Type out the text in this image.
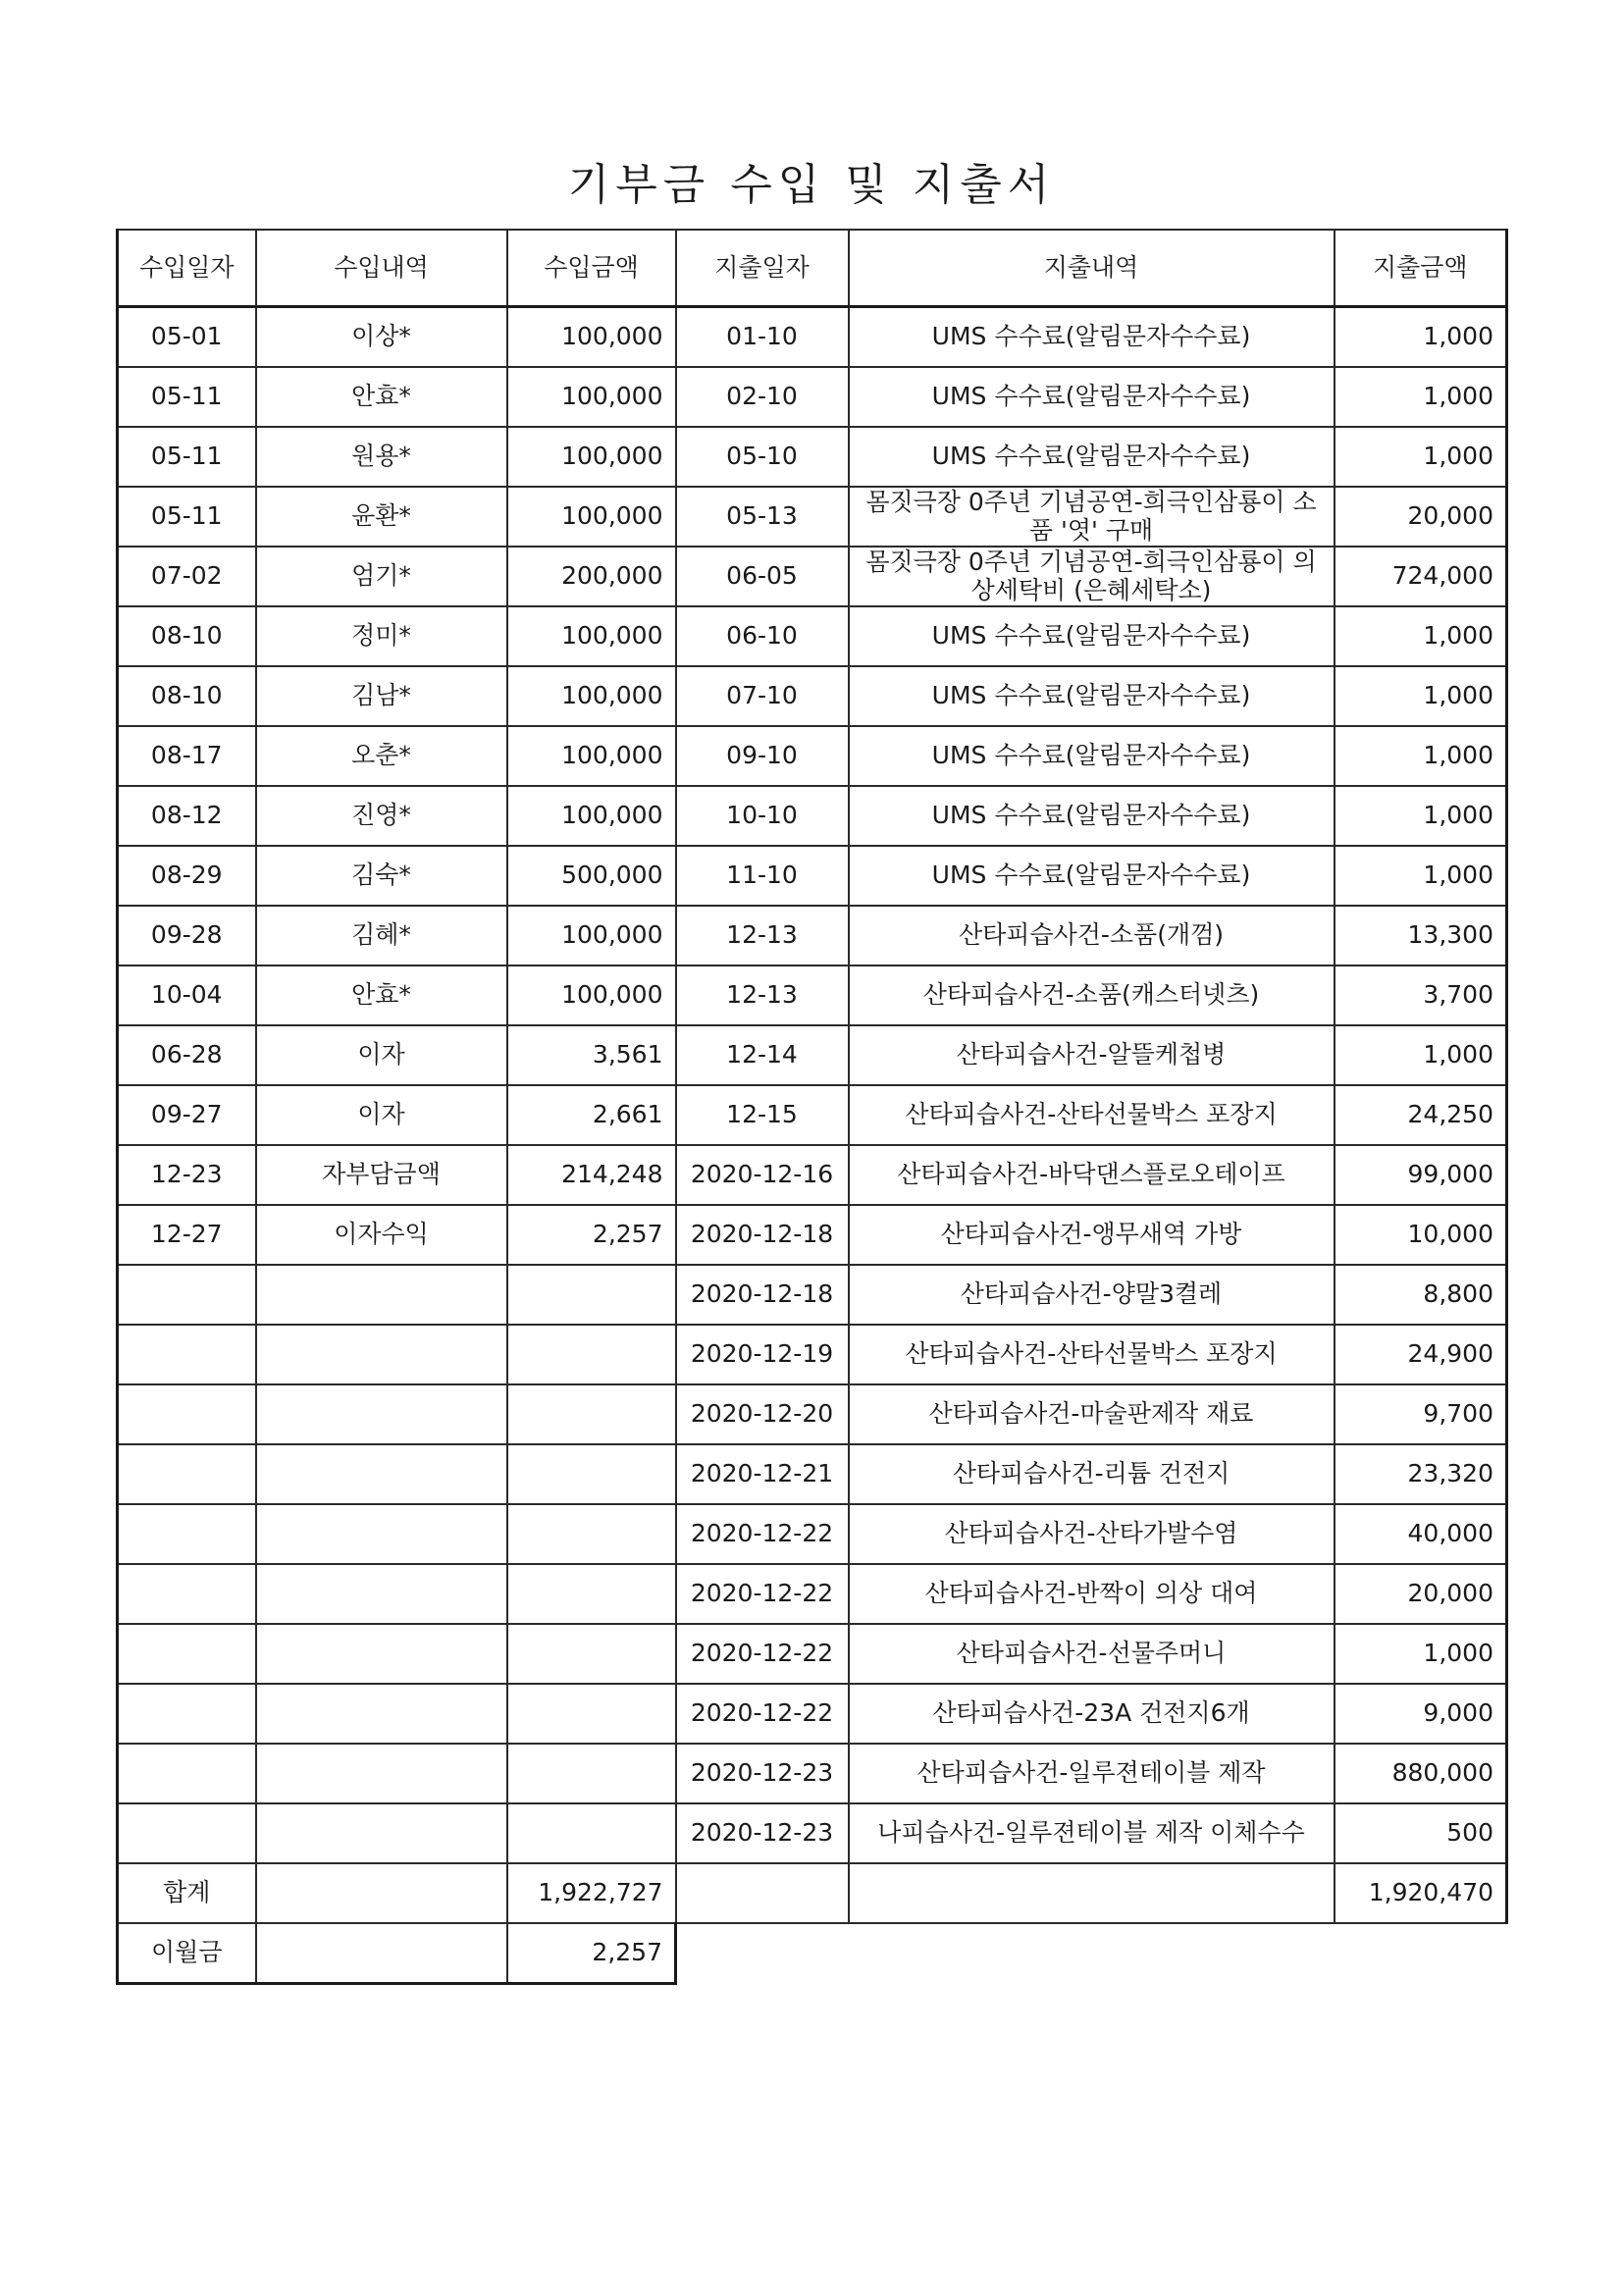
기부금 수입 및 지출서
수입일자	수입내역	수입금액	지출일자	지출내역	지출금액
05-01	이상*	100,000	01-10	UMS 수수료(알림문자수수료)	1,000
05-11	안효*	100,000	02-10	UMS 수수료(알림문자수수료)	1,000
05-11	원용*	100,000	05-10	UMS 수수료(알림문자수수료)	1,000
05-11	윤환*	100,000	05-13	몸짓극장 0주년 기념공연-희극인삼룡이 소품 '엿' 구매	20,000
07-02	엄기*	200,000	06-05	몸짓극장 0주년 기념공연-희극인삼룡이 의상세탁비 (은혜세탁소)	724,000
08-10	정미*	100,000	06-10	UMS 수수료(알림문자수수료)	1,000
08-10	김남*	100,000	07-10	UMS 수수료(알림문자수수료)	1,000
08-17	오춘*	100,000	09-10	UMS 수수료(알림문자수수료)	1,000
08-12	진영*	100,000	10-10	UMS 수수료(알림문자수수료)	1,000
08-29	김숙*	500,000	11-10	UMS 수수료(알림문자수수료)	1,000
09-28	김혜*	100,000	12-13	산타피습사건-소품(개껌)	13,300
10-04	안효*	100,000	12-13	산타피습사건-소품(캐스터넷츠)	3,700
06-28	이자	3,561	12-14	산타피습사건-알뜰케첩병	1,000
09-27	이자	2,661	12-15	산타피습사건-산타선물박스 포장지	24,250
12-23	자부담금액	214,248	2020-12-16	산타피습사건-바닥댄스플로오테이프	99,000
12-27	이자수익	2,257	2020-12-18	산타피습사건-앵무새역 가방	10,000
			2020-12-18	산타피습사건-양말3켤레	8,800
			2020-12-19	산타피습사건-산타선물박스 포장지	24,900
			2020-12-20	산타피습사건-마술판제작 재료	9,700
			2020-12-21	산타피습사건-리튬 건전지	23,320
			2020-12-22	산타피습사건-산타가발수염	40,000
			2020-12-22	산타피습사건-반짝이 의상 대여	20,000
			2020-12-22	산타피습사건-선물주머니	1,000
			2020-12-22	산타피습사건-23A 건전지6개	9,000
			2020-12-23	산타피습사건-일루젼테이블 제작	880,000
			2020-12-23	나피습사건-일루젼테이블 제작 이체수수	500
합계		1,922,727			1,920,470
이월금		2,257			
